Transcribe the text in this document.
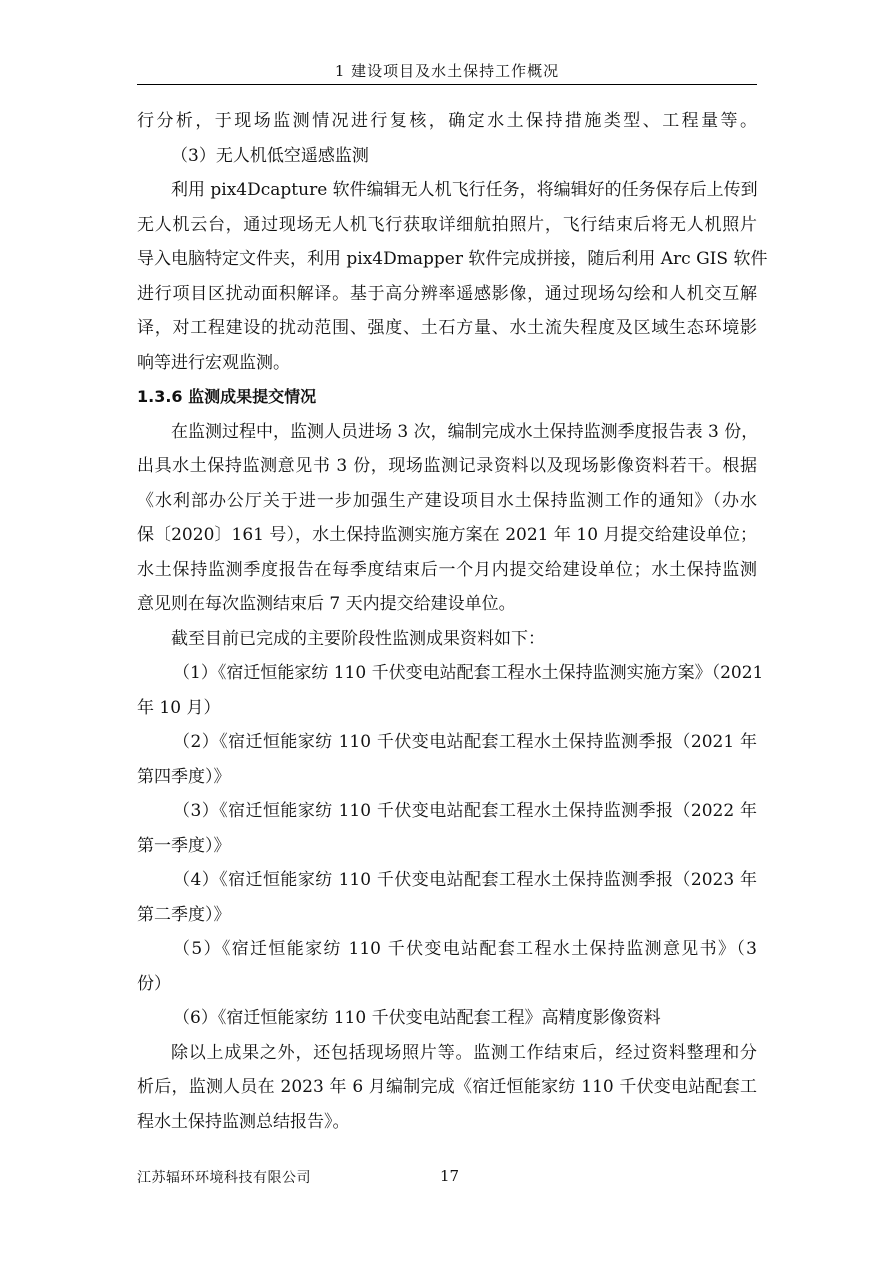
1 建设项目及水土保持工作概况
行分析，于现场监测情况进行复核，确定水土保持措施类型、工程量等。
（3）无人机低空遥感监测
利用 pix4Dcapture 软件编辑无人机飞行任务，将编辑好的任务保存后上传到
无人机云台，通过现场无人机飞行获取详细航拍照片，飞行结束后将无人机照片
导入电脑特定文件夹，利用 pix4Dmapper 软件完成拼接，随后利用 Arc GIS 软件
进行项目区扰动面积解译。基于高分辨率遥感影像，通过现场勾绘和人机交互解
译，对工程建设的扰动范围、强度、土石方量、水土流失程度及区域生态环境影
响等进行宏观监测。
1.3.6 监测成果提交情况
在监测过程中，监测人员进场 3 次，编制完成水土保持监测季度报告表 3 份，
出具水土保持监测意见书 3 份，现场监测记录资料以及现场影像资料若干。根据
《水利部办公厅关于进一步加强生产建设项目水土保持监测工作的通知》（办水
保〔2020〕161 号），水土保持监测实施方案在 2021 年 10 月提交给建设单位；
水土保持监测季度报告在每季度结束后一个月内提交给建设单位；水土保持监测
意见则在每次监测结束后 7 天内提交给建设单位。
截至目前已完成的主要阶段性监测成果资料如下：
（1）《宿迁恒能家纺 110 千伏变电站配套工程水土保持监测实施方案》（2021
年 10 月）
（2）《宿迁恒能家纺 110 千伏变电站配套工程水土保持监测季报（2021 年
第四季度）》
（3）《宿迁恒能家纺 110 千伏变电站配套工程水土保持监测季报（2022 年
第一季度）》
（4）《宿迁恒能家纺 110 千伏变电站配套工程水土保持监测季报（2023 年
第二季度）》
（5）《宿迁恒能家纺 110 千伏变电站配套工程水土保持监测意见书》（3
份）
（6）《宿迁恒能家纺 110 千伏变电站配套工程》高精度影像资料
除以上成果之外，还包括现场照片等。监测工作结束后，经过资料整理和分
析后，监测人员在 2023 年 6 月编制完成《宿迁恒能家纺 110 千伏变电站配套工
程水土保持监测总结报告》。
江苏辐环环境科技有限公司	17
